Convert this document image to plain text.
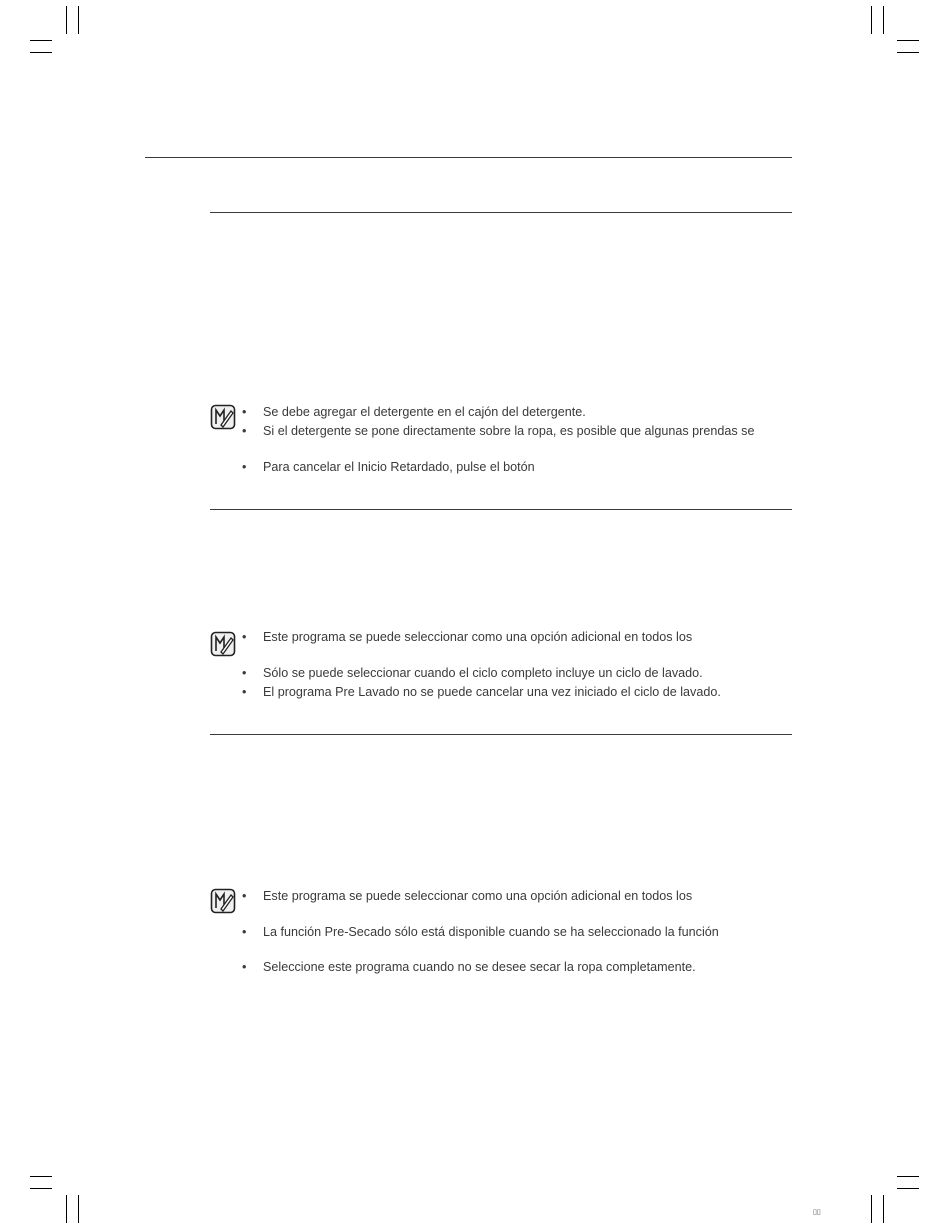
• Se debe agregar el detergente en el cajón del detergente.
• Si el detergente se pone directamente sobre la ropa, es posible que algunas prendas se
• Para cancelar el Inicio Retardado, pulse el botón
• Este programa se puede seleccionar como una opción adicional en todos los
• Sólo se puede seleccionar cuando el ciclo completo incluye un ciclo de lavado.
• El programa Pre Lavado no se puede cancelar una vez iniciado el ciclo de lavado.
• Este programa se puede seleccionar como una opción adicional en todos los
• La función Pre-Secado sólo está disponible cuando se ha seleccionado la función
• Seleccione este programa cuando no se desee secar la ropa completamente.
▯▯
